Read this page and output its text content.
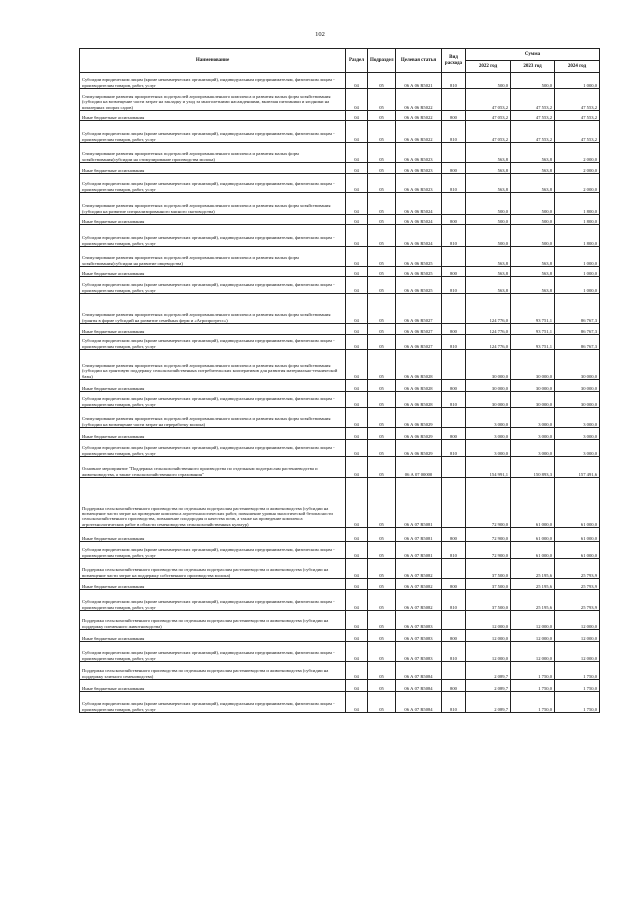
102
Наименование	Раздел	Подраздел	Целевая статья	Вид расхода	Сумма		
					2022 год	2023 год	2024 год
Субсидии юридическим лицам (кроме некоммерческих организаций), индивидуальным предпринимателям, физическим лицам - производителям товаров, работ, услуг	04	05	06 А 06 R5021	810	500,0	500,0	1 000,0
Стимулирование развития приоритетных подотраслей агропромышленного комплекса и развития малых форм хозяйствования (субсидии на возмещение части затрат на закладку и уход за многолетними насаждениями, включая питомники и ягодники на шпалерных опорах садов)	04	05	06 А 06 R5022		47 053,2	47 553,2	47 553,2
Иные бюджетные ассигнования	04	05	06 А 06 R5022	800	47 053,2	47 553,2	47 553,2
Субсидии юридическим лицам (кроме некоммерческих организаций), индивидуальным предпринимателям, физическим лицам - производителям товаров, работ, услуг	04	05	06 А 06 R5022	810	47 053,2	47 553,2	47 553,2
Стимулирование развития приоритетных подотраслей агропромышленного комплекса и развития малых форм хозяйствования(субсидии на стимулирование производства молока)	04	05	06 А 06 R5023		563,8	563,8	2 000,0
Иные бюджетные ассигнования	04	05	06 А 06 R5023	800	563,8	563,8	2 000,0
Субсидии юридическим лицам (кроме некоммерческих организаций), индивидуальным предпринимателям, физическим лицам - производителям товаров, работ, услуг	04	05	06 А 06 R5023	810	563,8	563,8	2 000,0
Стимулирование развития приоритетных подотраслей агропромышленного комплекса и развития малых форм хозяйствования (субсидии на развитие специализированного мясного скотоводства)	04	05	06 А 06 R5024		500,0	500,0	1 800,0
Иные бюджетные ассигнования	04	05	06 А 06 R5024	800	500,0	500,0	1 800,0
Субсидии юридическим лицам (кроме некоммерческих организаций), индивидуальным предпринимателям, физическим лицам - производителям товаров, работ, услуг	04	05	06 А 06 R5024	810	500,0	500,0	1 800,0
Стимулирование развития приоритетных подотраслей агропромышленного комплекса и развития малых форм хозяйствования(субсидии на развитие овцеводства)	04	05	06 А 06 R5025		563,8	563,8	1 000,0
Иные бюджетные ассигнования	04	05	06 А 06 R5025	800	563,8	563,8	1 000,0
Субсидии юридическим лицам (кроме некоммерческих организаций), индивидуальным предпринимателям, физическим лицам - производителям товаров, работ, услуг	04	05	06 А 06 R5025	810	563,8	563,8	1 000,0
Стимулирование развития приоритетных подотраслей агропромышленного комплекса и развития малых форм хозяйствования (гранты в форме субсидий на развитие семейных ферм и «Агропрогресс»)	04	05	06 А 06 R5027		124 776,0	93 751,1	86 767,3
Иные бюджетные ассигнования	04	05	06 А 06 R5027	800	124 776,0	93 751,1	86 767,3
Субсидии юридическим лицам (кроме некоммерческих организаций), индивидуальным предпринимателям, физическим лицам - производителям товаров, работ, услуг	04	05	06 А 06 R5027	810	124 776,0	93 751,1	86 767,3
Стимулирование развития приоритетных подотраслей агропромышленного комплекса и развития малых форм хозяйствования (субсидии на грантовую поддержку сельскохозяйственных потребительских кооперативов для развития материально-технической базы)	04	05	06 А 06 R5028		30 000,0	30 000,0	30 000,0
Иные бюджетные ассигнования	04	05	06 А 06 R5028	800	30 000,0	30 000,0	30 000,0
Субсидии юридическим лицам (кроме некоммерческих организаций), индивидуальным предпринимателям, физическим лицам - производителям товаров, работ, услуг	04	05	06 А 06 R5028	810	30 000,0	30 000,0	30 000,0
Стимулирование развития приоритетных подотраслей агропромышленного комплекса и развития малых форм хозяйствования (субсидии на возмещение части затрат на переработку молока)	04	05	06 А 06 R5029		3 000,0	3 000,0	3 000,0
Иные бюджетные ассигнования	04	05	06 А 06 R5029	800	3 000,0	3 000,0	3 000,0
Субсидии юридическим лицам (кроме некоммерческих организаций), индивидуальным предпринимателям, физическим лицам - производителям товаров, работ, услуг	04	05	06 А 06 R5029	810	3 000,0	3 000,0	3 000,0
Основное мероприятие "Поддержка сельскохозяйственного производства по отдельным подотраслям растениеводства и животноводства, а также сельскохозяйственного страхования"	04	05	06 А 07 00000		154 991,1	150 893,3	157 491,6
Поддержка сельскохозяйственного производства по отдельным подотраслям растениеводства и животноводства (субсидии на возмещение части затрат на проведение комплекса агротехнологических работ, повышение уровня экологической безопасности сельскохозяйственного производства, повышение плодородия и качества почв, а также на проведение комплекса агротехнологических работ в области семеноводства сельскохозяйственных культур)	04	05	06 А 07 R5081		72 900,0	61 000,0	61 000,0
Иные бюджетные ассигнования	04	05	06 А 07 R5081	800	72 900,0	61 000,0	61 000,0
Субсидии юридическим лицам (кроме некоммерческих организаций), индивидуальным предпринимателям, физическим лицам - производителям товаров, работ, услуг	04	05	06 А 07 R5081	810	72 900,0	61 000,0	61 000,0
Поддержка сельскохозяйственного производства по отдельным подотраслям растениеводства и животноводства (субсидии на возмещение части затрат на поддержку собственного производства молока)	04	05	06 А 07 R5082		37 500,0	25 195,6	25 793,9
Иные бюджетные ассигнования	04	05	06 А 07 R5082	800	37 500,0	25 195,6	25 793,9
Субсидии юридическим лицам (кроме некоммерческих организаций), индивидуальным предпринимателям, физическим лицам - производителям товаров, работ, услуг	04	05	06 А 07 R5082	810	37 500,0	25 195,6	25 793,9
Поддержка сельскохозяйственного производства по отдельным подотраслям растениеводства и животноводства (субсидии на поддержку племенного животноводства)	04	05	06 А 07 R5083		12 000,0	12 000,0	12 000,0
Иные бюджетные ассигнования	04	05	06 А 07 R5083	800	12 000,0	12 000,0	12 000,0
Субсидии юридическим лицам (кроме некоммерческих организаций), индивидуальным предпринимателям, физическим лицам - производителям товаров, работ, услуг	04	05	06 А 07 R5083	810	12 000,0	12 000,0	12 000,0
Поддержка сельскохозяйственного производства по отдельным подотраслям растениеводства и животноводства (субсидии на поддержку элитного семеноводства)	04	05	06 А 07 R5084		2 089,7	1 750,0	1 750,0
Иные бюджетные ассигнования	04	05	06 А 07 R5084	800	2 089,7	1 750,0	1 750,0
Субсидии юридическим лицам (кроме некоммерческих организаций), индивидуальным предпринимателям, физическим лицам - производителям товаров, работ, услуг	04	05	06 А 07 R5084	810	2 089,7	1 750,0	1 750,0
